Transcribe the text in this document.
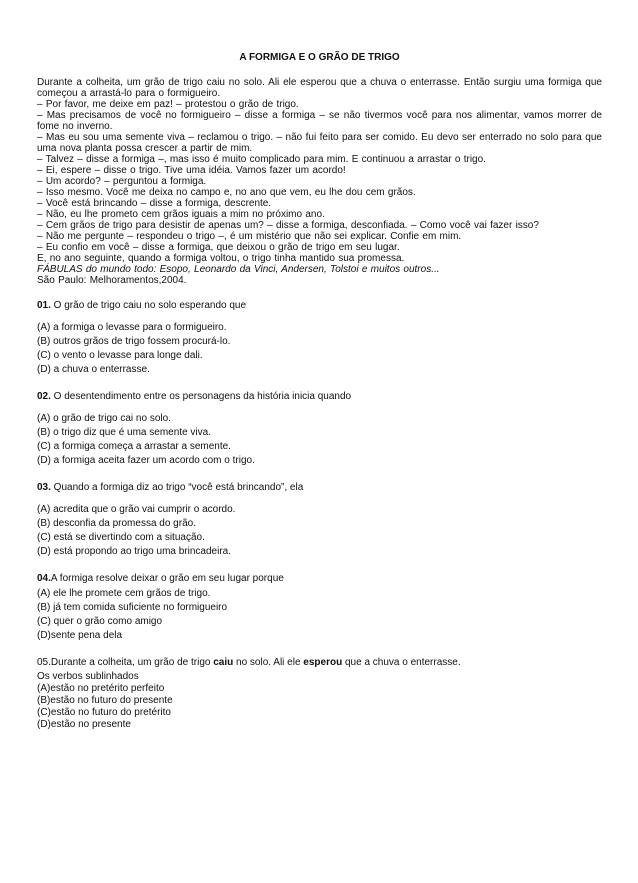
A FORMIGA E O GRÃO DE TRIGO

Durante a colheita, um grão de trigo caiu no solo. Ali ele esperou que a chuva o enterrasse. Então surgiu uma formiga que começou a arrastá-lo para o formigueiro.

– Por favor, me deixe em paz! – protestou o grão de trigo.

– Mas precisamos de você no formigueiro – disse a formiga – se não tivermos você para nos alimentar, vamos morrer de fome no inverno.

– Mas eu sou uma semente viva – reclamou o trigo. – não fui feito para ser comido. Eu devo ser enterrado no solo para que uma nova planta possa crescer a partir de mim.

– Talvez – disse a formiga –, mas isso é muito complicado para mim. E continuou a arrastar o trigo.

– Ei, espere – disse o trigo. Tive uma idéia. Vamos fazer um acordo!

– Um acordo? – perguntou a formiga.

– Isso mesmo. Você me deixa no campo e, no ano que vem, eu lhe dou cem grãos.

– Você está brincando – disse a formiga, descrente.

– Não, eu lhe prometo cem grãos iguais a mim no próximo ano.

– Cem grãos de trigo para desistir de apenas um? – disse a formiga, desconfiada. – Como você vai fazer isso?

– Não me pergunte – respondeu o trigo –, é um mistério que não sei explicar. Confie em mim.

– Eu confio em você – disse a formiga, que deixou o grão de trigo em seu lugar.

E, no ano seguinte, quando a formiga voltou, o trigo tinha mantido sua promessa.

FÁBULAS do mundo todo: Esopo, Leonardo da Vinci, Andersen, Tolstoi e muitos outros...

São Paulo: Melhoramentos,2004.

01. O grão de trigo caiu no solo esperando que

(A) a formiga o levasse para o formigueiro.

(B) outros grãos de trigo fossem procurá-lo.

(C) o vento o levasse para longe dali.

(D) a chuva o enterrasse.

02. O desentendimento entre os personagens da história inicia quando

(A) o grão de trigo cai no solo.

(B) o trigo diz que é uma semente viva.

(C) a formiga começa a arrastar a semente.

(D) a formiga aceita fazer um acordo com o trigo.

03. Quando a formiga diz ao trigo “você está brincando”, ela

(A) acredita que o grão vai cumprir o acordo.

(B) desconfia da promessa do grão.

(C) está se divertindo com a situação.

(D) está propondo ao trigo uma brincadeira.

04.A formiga resolve deixar o grão em seu lugar porque

(A) ele lhe promete cem grãos de trigo.

(B) já tem comida suficiente no formigueiro

(C) quer o grão como amigo

(D)sente pena dela

05.Durante a colheita, um grão de trigo caiu no solo. Ali ele esperou que a chuva o enterrasse.

Os verbos sublinhados

(A)estão no pretérito perfeito

(B)estão no futuro do presente

(C)estão no futuro do pretérito

(D)estão no presente
